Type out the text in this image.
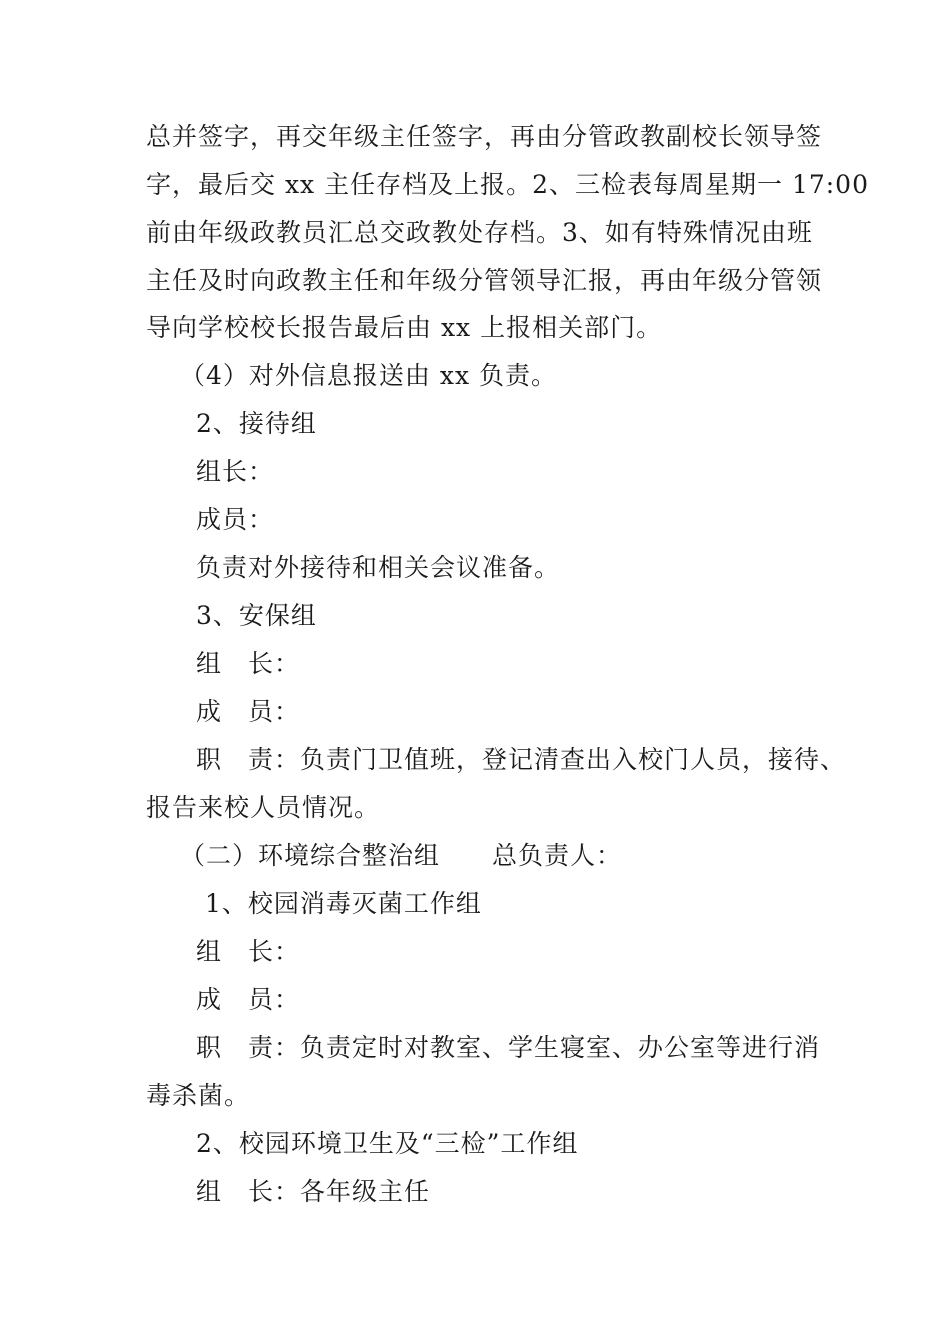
总并签字，再交年级主任签字，再由分管政教副校长领导签
字，最后交 xx 主任存档及上报。2、三检表每周星期一 17:00
前由年级政教员汇总交政教处存档。3、如有特殊情况由班
主任及时向政教主任和年级分管领导汇报，再由年级分管领
导向学校校长报告最后由 xx 上报相关部门。
（4）对外信息报送由 xx 负责。
2、接待组
组长：
成员：
负责对外接待和相关会议准备。
3、安保组
组　长：
成　员：
职　责：负责门卫值班，登记清查出入校门人员，接待、
报告来校人员情况。
（二）环境综合整治组　　总负责人：
1、校园消毒灭菌工作组
组　长：
成　员：
职　责：负责定时对教室、学生寝室、办公室等进行消
毒杀菌。
2、校园环境卫生及“三检”工作组
组　长：各年级主任
